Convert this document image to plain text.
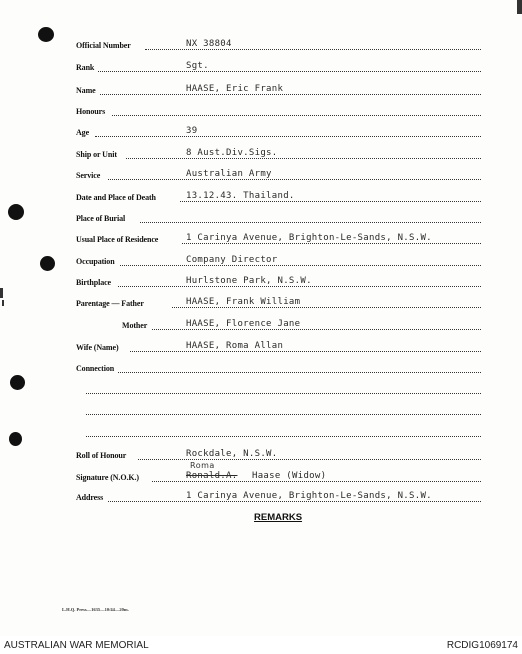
Official Number	NX 38804
Rank	Sgt.
Name	HAASE, Eric Frank
Honours
Age	39
Ship or Unit	8 Aust.Div.Sigs.
Service	Australian Army
Date and Place of Death	13.12.43. Thailand.
Place of Burial
Usual Place of Residence	1 Carinya Avenue, Brighton-Le-Sands, N.S.W.
Occupation	Company Director
Birthplace	Hurlstone Park, N.S.W.
Parentage — Father	HAASE, Frank William
Mother	HAASE, Florence Jane
Wife (Name)	HAASE, Roma Allan
Connection
Roll of Honour	Rockdale, N.S.W.
Roma
Signature (N.O.K.)	Ronald.A. Haase (Widow)
Address	1 Carinya Avenue, Brighton-Le-Sands, N.S.W.
REMARKS
L.H.Q. Press—1635—10/44—20m.
AUSTRALIAN WAR MEMORIAL	RCDIG1069174
